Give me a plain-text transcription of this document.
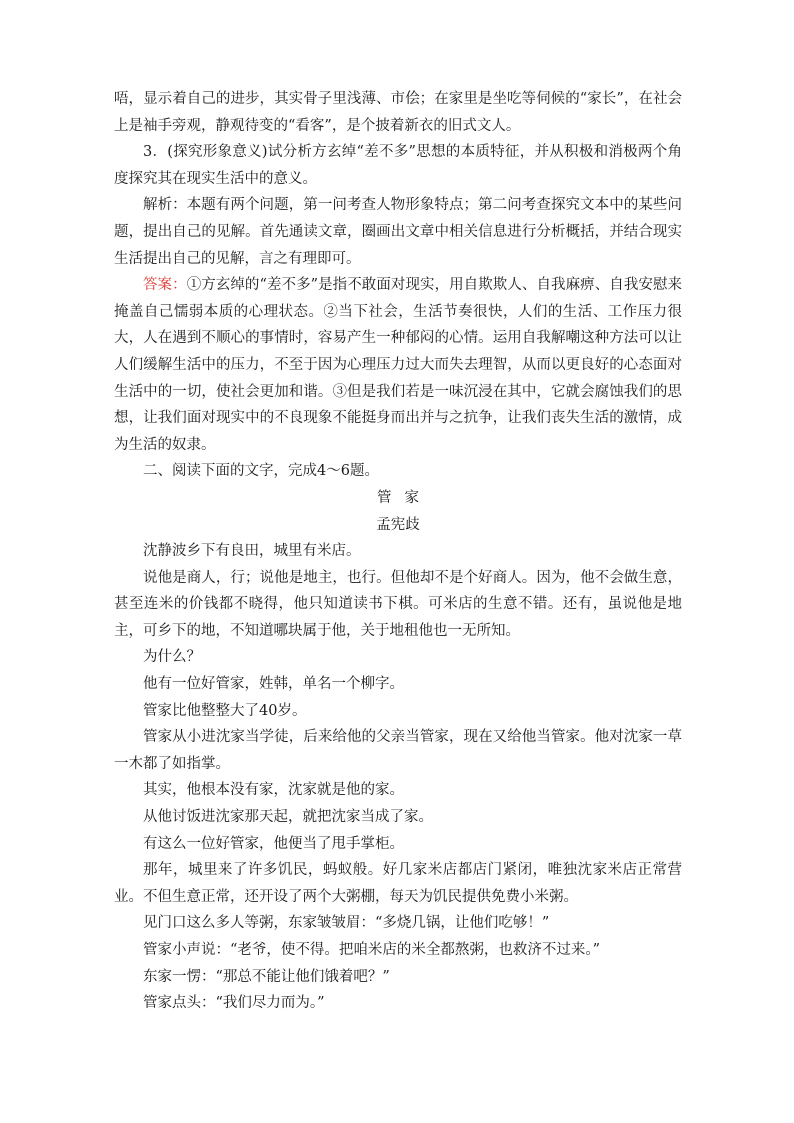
唔，显示着自己的进步，其实骨子里浅薄、市侩；在家里是坐吃等伺候的“家长”，在社会上是袖手旁观，静观待变的“看客”，是个披着新衣的旧式文人。

3．(探究形象意义)试分析方玄绰“差不多”思想的本质特征，并从积极和消极两个角度探究其在现实生活中的意义。

解析：本题有两个问题，第一问考查人物形象特点；第二问考查探究文本中的某些问题，提出自己的见解。首先通读文章，圈画出文章中相关信息进行分析概括，并结合现实生活提出自己的见解，言之有理即可。

答案：①方玄绰的“差不多”是指不敢面对现实，用自欺欺人、自我麻痹、自我安慰来掩盖自己懦弱本质的心理状态。②当下社会，生活节奏很快，人们的生活、工作压力很大，人在遇到不顺心的事情时，容易产生一种郁闷的心情。运用自我解嘲这种方法可以让人们缓解生活中的压力，不至于因为心理压力过大而失去理智，从而以更良好的心态面对生活中的一切，使社会更加和谐。③但是我们若是一味沉浸在其中，它就会腐蚀我们的思想，让我们面对现实中的不良现象不能挺身而出并与之抗争，让我们丧失生活的激情，成为生活的奴隶。

二、阅读下面的文字，完成4～6题。

管家

孟宪歧

沈静波乡下有良田，城里有米店。

说他是商人，行；说他是地主，也行。但他却不是个好商人。因为，他不会做生意，甚至连米的价钱都不晓得，他只知道读书下棋。可米店的生意不错。还有，虽说他是地主，可乡下的地，不知道哪块属于他，关于地租他也一无所知。

为什么？

他有一位好管家，姓韩，单名一个柳字。

管家比他整整大了40岁。

管家从小进沈家当学徒，后来给他的父亲当管家，现在又给他当管家。他对沈家一草一木都了如指掌。

其实，他根本没有家，沈家就是他的家。

从他讨饭进沈家那天起，就把沈家当成了家。

有这么一位好管家，他便当了甩手掌柜。

那年，城里来了许多饥民，蚂蚁般。好几家米店都店门紧闭，唯独沈家米店正常营业。不但生意正常，还开设了两个大粥棚，每天为饥民提供免费小米粥。

见门口这么多人等粥，东家皱皱眉：“多烧几锅，让他们吃够！”

管家小声说：“老爷，使不得。把咱米店的米全都熬粥，也救济不过来。”

东家一愣：“那总不能让他们饿着吧？”

管家点头：“我们尽力而为。”
